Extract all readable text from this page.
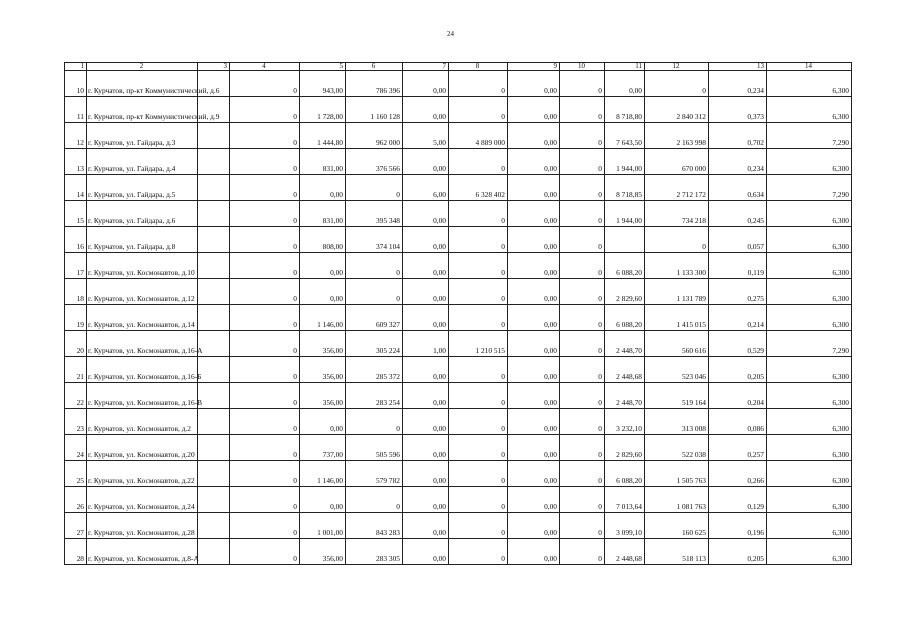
24
1	2	3	4	5	6	7	8	9	10	11	12	13	14
10	г. Курчатов, пр-кт Коммунистический, д.6		0	943,00	786 396	0,00	0	0,00	0	0,00	0	0,234	6,300
11	г. Курчатов, пр-кт Коммунистический, д.9		0	1 728,00	1 160 128	0,00	0	0,00	0	8 718,80	2 840 312	0,373	6,300
12	г. Курчатов, ул. Гайдара, д.3		0	1 444,80	962 000	5,00	4 889 000	0,00	0	7 643,50	2 163 998	0,702	7,290
13	г. Курчатов, ул. Гайдара, д.4		0	831,00	376 566	0,00	0	0,00	0	1 944,00	670 000	0,234	6,300
14	г. Курчатов, ул. Гайдара, д.5		0	0,00	0	6,00	6 328 402	0,00	0	8 718,85	2 712 172	0,634	7,290
15	г. Курчатов, ул. Гайдара, д.6		0	831,00	395 348	0,00	0	0,00	0	1 944,00	734 218	0,245	6,300
16	г. Курчатов, ул. Гайдара, д.8		0	808,00	374 104	0,00	0	0,00	0		0	0,057	6,300
17	г. Курчатов, ул. Космонавтов, д.10		0	0,00	0	0,00	0	0,00	0	6 088,20	1 133 300	0,119	6,300
18	г. Курчатов, ул. Космонавтов, д.12		0	0,00	0	0,00	0	0,00	0	2 829,60	1 131 789	0,275	6,300
19	г. Курчатов, ул. Космонавтов, д.14		0	1 146,00	609 327	0,00	0	0,00	0	6 088,20	1 415 015	0,214	6,300
20	г. Курчатов, ул. Космонавтов, д.16-А		0	356,00	305 224	1,00	1 210 515	0,00	0	2 448,70	560 616	0,529	7,290
21	г. Курчатов, ул. Космонавтов, д.16-Б		0	356,00	285 372	0,00	0	0,00	0	2 448,68	523 046	0,205	6,300
22	г. Курчатов, ул. Космонавтов, д.16-В		0	356,00	283 254	0,00	0	0,00	0	2 448,70	519 164	0,204	6,300
23	г. Курчатов, ул. Космонавтов, д.2		0	0,00	0	0,00	0	0,00	0	3 232,10	313 008	0,086	6,300
24	г. Курчатов, ул. Космонавтов, д.20		0	737,00	505 596	0,00	0	0,00	0	2 829,60	522 038	0,257	6,300
25	г. Курчатов, ул. Космонавтов, д.22		0	1 146,00	579 782	0,00	0	0,00	0	6 088,20	1 505 763	0,266	6,300
26	г. Курчатов, ул. Космонавтов, д.24		0	0,00	0	0,00	0	0,00	0	7 013,64	1 081 763	0,129	6,300
27	г. Курчатов, ул. Космонавтов, д.28		0	1 001,00	843 283	0,00	0	0,00	0	3 099,10	160 625	0,196	6,300
28	г. Курчатов, ул. Космонавтов, д.8-А		0	356,00	283 305	0,00	0	0,00	0	2 448,68	518 113	0,205	6,300
